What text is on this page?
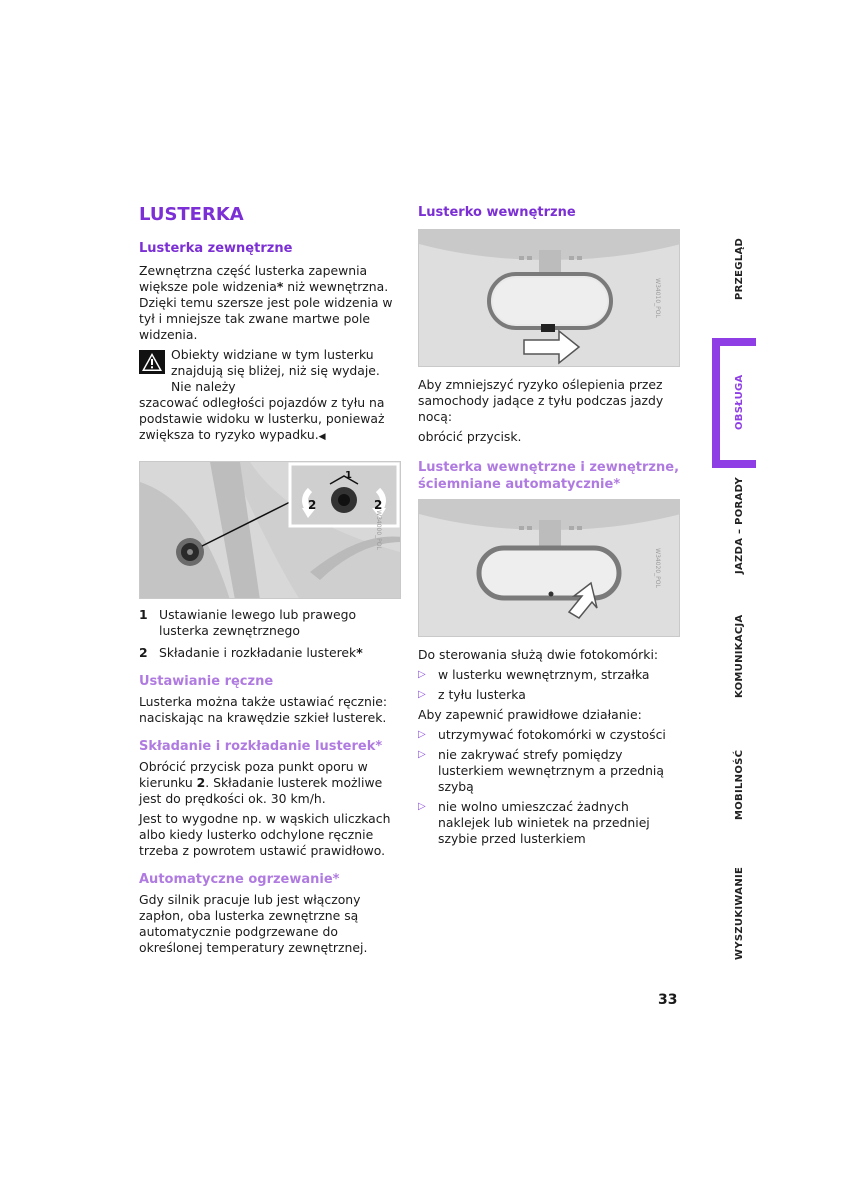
LUSTERKA
Lusterka zewnętrzne

Zewnętrzna część lusterka zapewnia większe pole widzenia* niż wewnętrzna. Dzięki temu szersze jest pole widzenia w tył i mniejsze tak zwane martwe pole widzenia.

Obiekty widziane w tym lusterku znajdują się bliżej, niż się wydaje. Nie należy
szacować odległości pojazdów z tyłu na podstawie widoku w lusterku, ponieważ zwiększa to ryzyko wypadku.◀
1
2	2
W34000_POL
1 Ustawianie lewego lub prawego lusterka zewnętrznego
2 Składanie i rozkładanie lusterek*
Ustawianie ręczne

Lusterka można także ustawiać ręcznie: naciskając na krawędzie szkieł lusterek.

Składanie i rozkładanie lusterek*

Obrócić przycisk poza punkt oporu w kierunku 2. Składanie lusterek możliwe jest do prędkości ok. 30 km/h.

Jest to wygodne np. w wąskich uliczkach albo kiedy lusterko odchylone ręcznie trzeba z powrotem ustawić prawidłowo.

Automatyczne ogrzewanie*

Gdy silnik pracuje lub jest włączony zapłon, oba lusterka zewnętrzne są automatycznie podgrzewane do określonej temperatury zewnętrznej.

Lusterko wewnętrzne
W34010_POL

Aby zmniejszyć ryzyko oślepienia przez samochody jadące z tyłu podczas jazdy nocą:

obrócić przycisk.

Lusterka wewnętrzne i zewnętrzne, ściemniane automatycznie*
W34020_POL

Do sterowania służą dwie fotokomórki:

▷ w lusterku wewnętrznym, strzałka
▷ z tyłu lusterka

Aby zapewnić prawidłowe działanie:

▷ utrzymywać fotokomórki w czystości
▷ nie zakrywać strefy pomiędzy lusterkiem wewnętrznym a przednią szybą
▷ nie wolno umieszczać żadnych naklejek lub winietek na przedniej szybie przed lusterkiem
PRZEGLĄD
OBSŁUGA
JAZDA – PORADY
KOMUNIKACJA
MOBILNOŚĆ
WYSZUKIWANIE
33
